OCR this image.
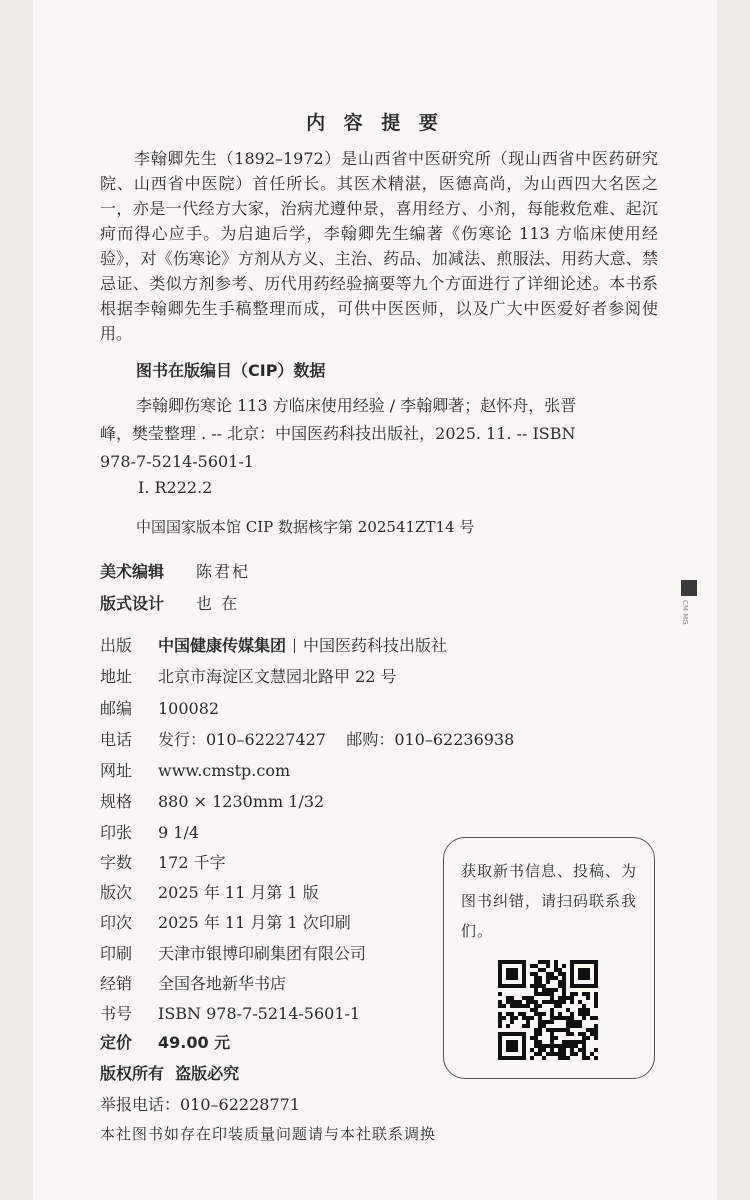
内 容 提 要
李翰卿先生（1892–1972）是山西省中医研究所（现山西省中医药研究院、山西省中医院）首任所长。其医术精湛，医德高尚，为山西四大名医之一，亦是一代经方大家，治病尤遵仲景，喜用经方、小剂，每能救危难、起沉疴而得心应手。为启迪后学，李翰卿先生编著《伤寒论 113 方临床使用经验》，对《伤寒论》方剂从方义、主治、药品、加减法、煎服法、用药大意、禁忌证、类似方剂参考、历代用药经验摘要等九个方面进行了详细论述。本书系根据李翰卿先生手稿整理而成，可供中医医师，以及广大中医爱好者参阅使用。
图书在版编目（CIP）数据
李翰卿伤寒论 113 方临床使用经验 / 李翰卿著；赵怀舟，张晋峰，樊莹整理 . -- 北京：中国医药科技出版社，2025. 11. -- ISBN 978-7-5214-5601-1
Ⅰ. R222.2
中国国家版本馆 CIP 数据核字第 202541ZT14 号
美术编辑 陈君杞
版式设计 也 在
出版 中国健康传媒集团 中国医药科技出版社
地址 北京市海淀区文慧园北路甲 22 号
邮编 100082
电话 发行：010–62227427    邮购：010–62236938
网址 www.cmstp.com
规格 880 × 1230mm 1/32
印张 9 1/4
字数 172 千字
版次 2025 年 11 月第 1 版
印次 2025 年 11 月第 1 次印刷
印刷 天津市银博印刷集团有限公司
经销 全国各地新华书店
书号 ISBN 978-7-5214-5601-1
定价 49.00 元
版权所有  盗版必究
举报电话：010–62228771
本社图书如存在印装质量问题请与本社联系调换
获取新书信息、投稿、为图书纠错，请扫码联系我们。
CM MG
